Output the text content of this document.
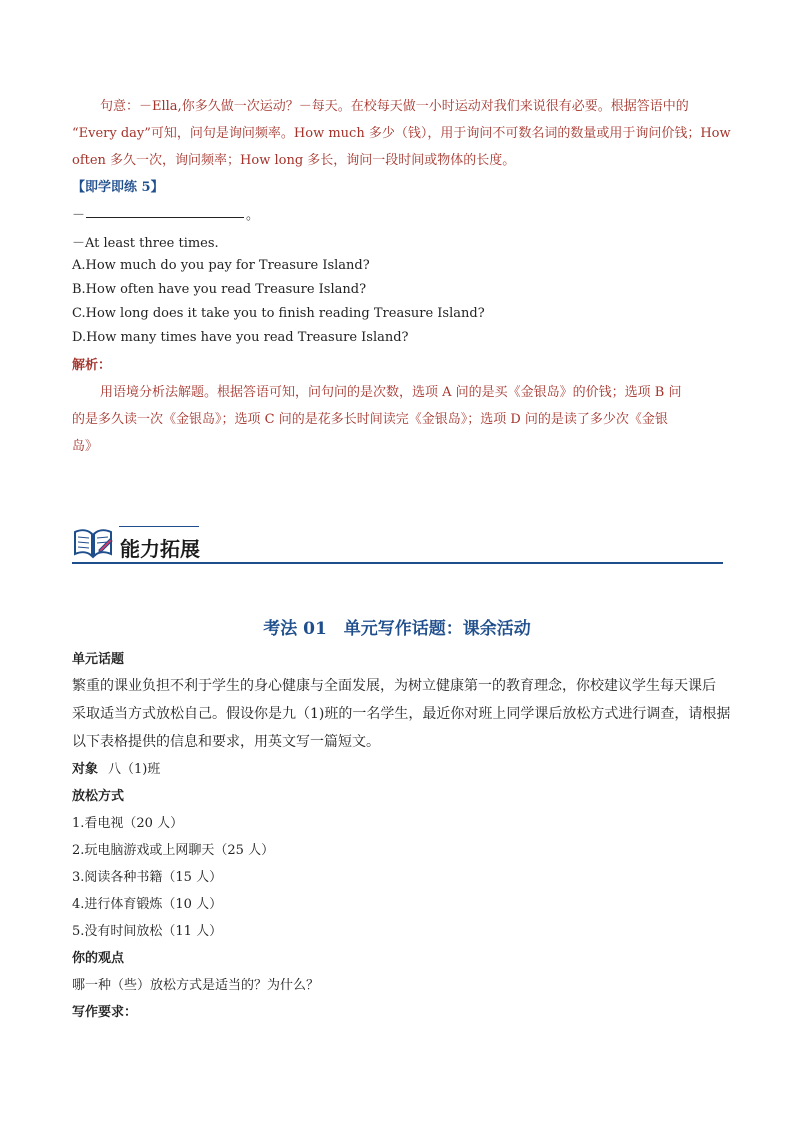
句意：－Ella,你多久做一次运动？－每天。在校每天做一小时运动对我们来说很有必要。根据答语中的
“Every day”可知，问句是询问频率。How much 多少（钱），用于询问不可数名词的数量或用于询问价钱；How
often 多久一次，询问频率；How long 多长，询问一段时间或物体的长度。
【即学即练 5】
－	。
－At least three times.
A.How much do you pay for Treasure Island?
B.How often have you read Treasure Island?
C.How long does it take you to finish reading Treasure Island?
D.How many times have you read Treasure Island?
解析：
用语境分析法解题。根据答语可知，问句问的是次数，选项 A 问的是买《金银岛》的价钱；选项 B 问
的是多久读一次《金银岛》；选项 C 问的是花多长时间读完《金银岛》；选项 D 问的是读了多少次《金银
岛》
能力拓展
考法 01　单元写作话题：课余活动
单元话题
繁重的课业负担不利于学生的身心健康与全面发展，为树立健康第一的教育理念，你校建议学生每天课后
采取适当方式放松自己。假设你是九（1)班的一名学生，最近你对班上同学课后放松方式进行调查，请根据
以下表格提供的信息和要求，用英文写一篇短文。
对象 八（1)班
放松方式
1.看电视（20 人）
2.玩电脑游戏或上网聊天（25 人）
3.阅读各种书籍（15 人）
4.进行体育锻炼（10 人）
5.没有时间放松（11 人）
你的观点
哪一种（些）放松方式是适当的？为什么？
写作要求：
